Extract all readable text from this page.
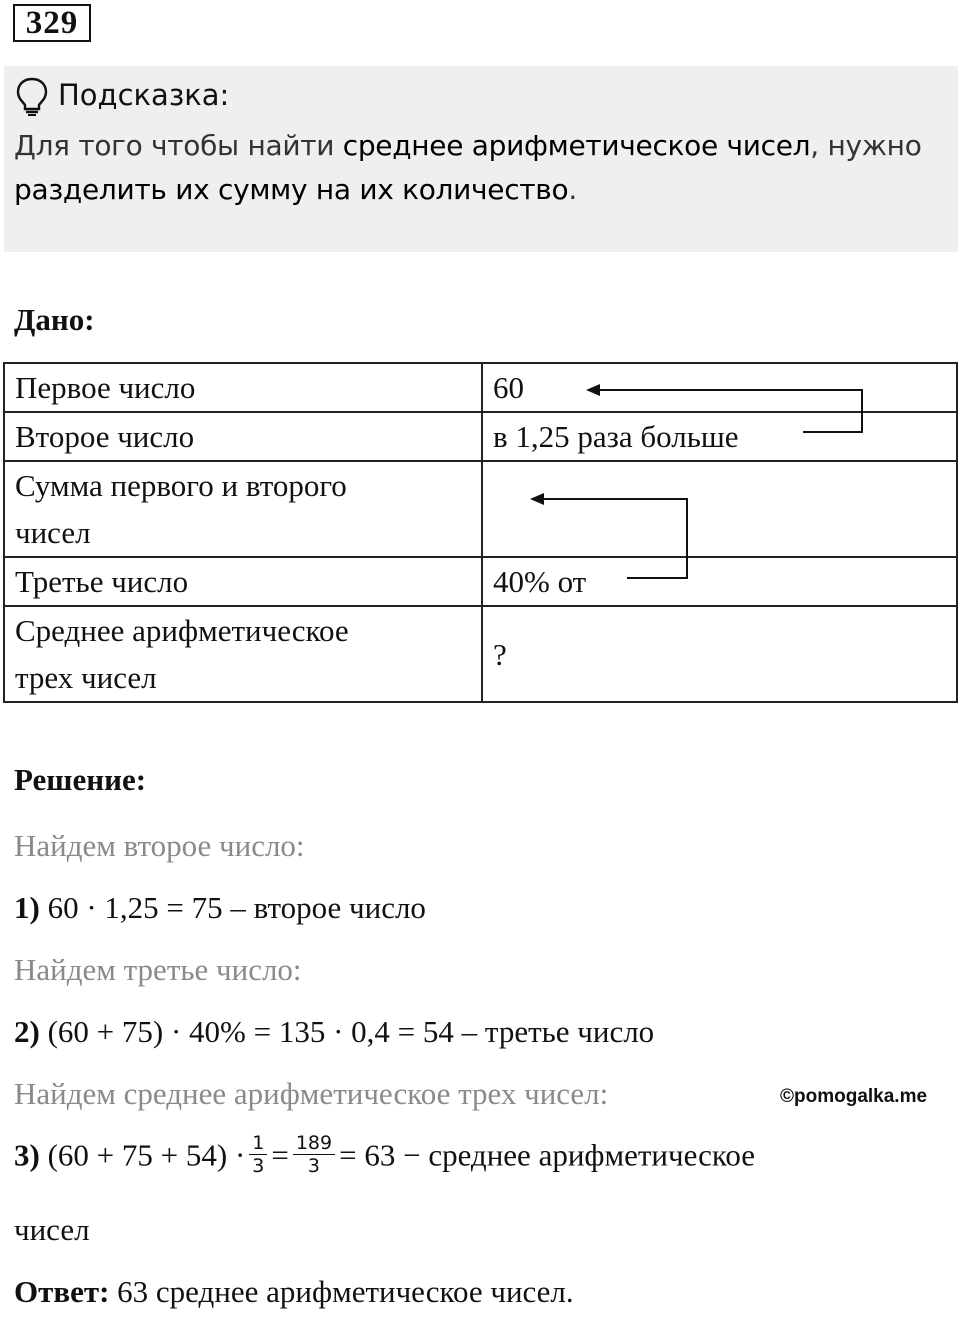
329
Подсказка:
Для того чтобы найти среднее арифметическое чисел, нужно разделить их сумму на их количество.
Дано:
Первое число	60
Второе число	в 1,25 раза больше
Сумма первого и второго
чисел	
Третье число	40% от
Среднее арифметическое
трех чисел	?
Решение:
Найдем второе число:
1) 60 · 1,25 = 75 – второе число
Найдем третье число:
2) (60 + 75) · 40% = 135 · 0,4 = 54 – третье число
Найдем среднее арифметическое трех чисел:	©pomogalka.me
3) $(60 + 75 + 54) \cdot \frac{1}{3} = \frac{189}{3} = 63$ − среднее арифметическое
чисел
Ответ: 63 среднее арифметическое чисел.
